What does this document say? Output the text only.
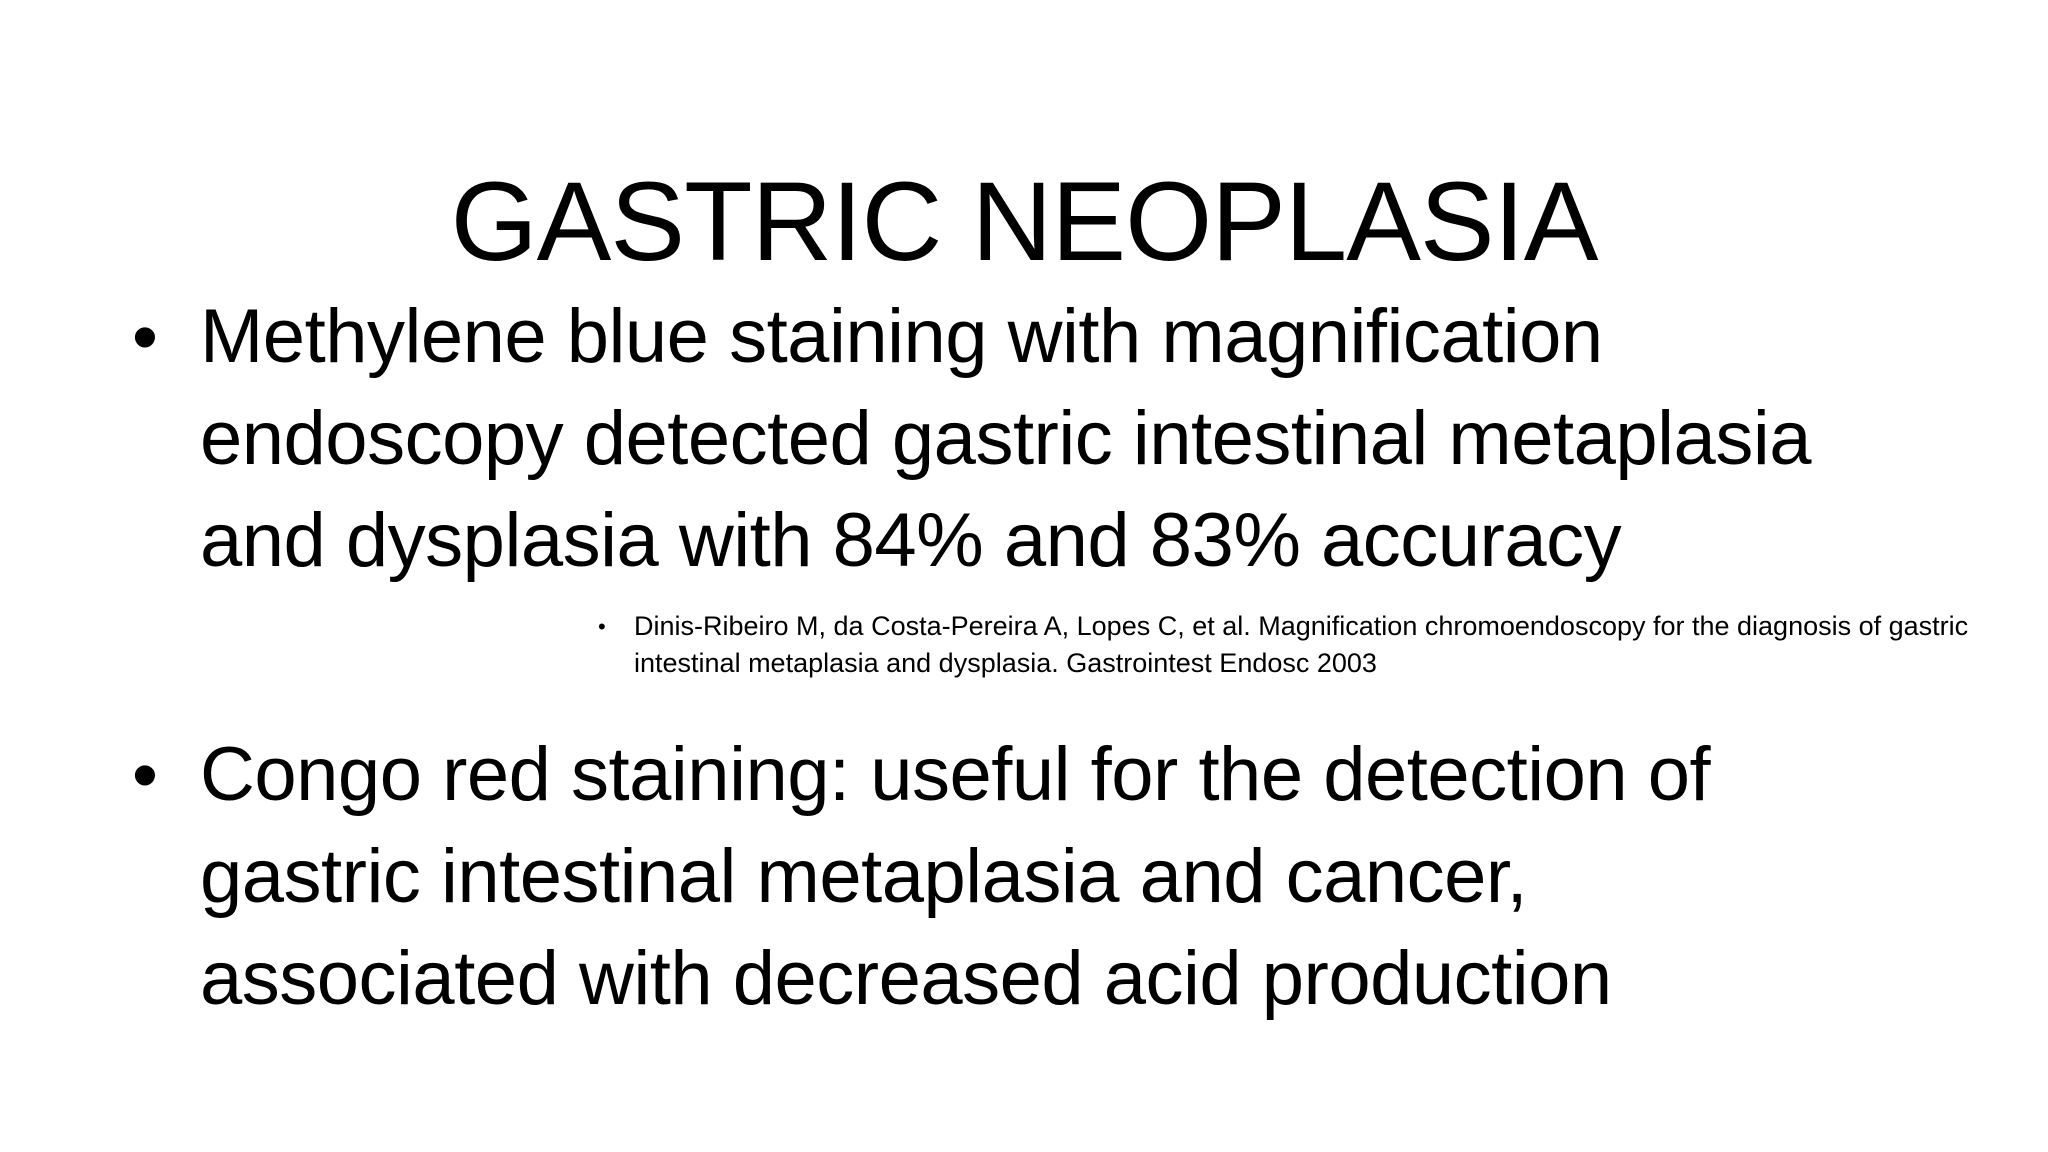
GASTRIC NEOPLASIA
• Methylene blue staining with magnification
endoscopy detected gastric intestinal metaplasia
and dysplasia with 84% and 83% accuracy

•	Dinis-Ribeiro M, da Costa-Pereira A, Lopes C, et al. Magnification chromoendoscopy for the diagnosis of gastric
intestinal metaplasia and dysplasia. Gastrointest Endosc 2003

• Congo red staining: useful for the detection of
gastric intestinal metaplasia and cancer,
associated with decreased acid production
